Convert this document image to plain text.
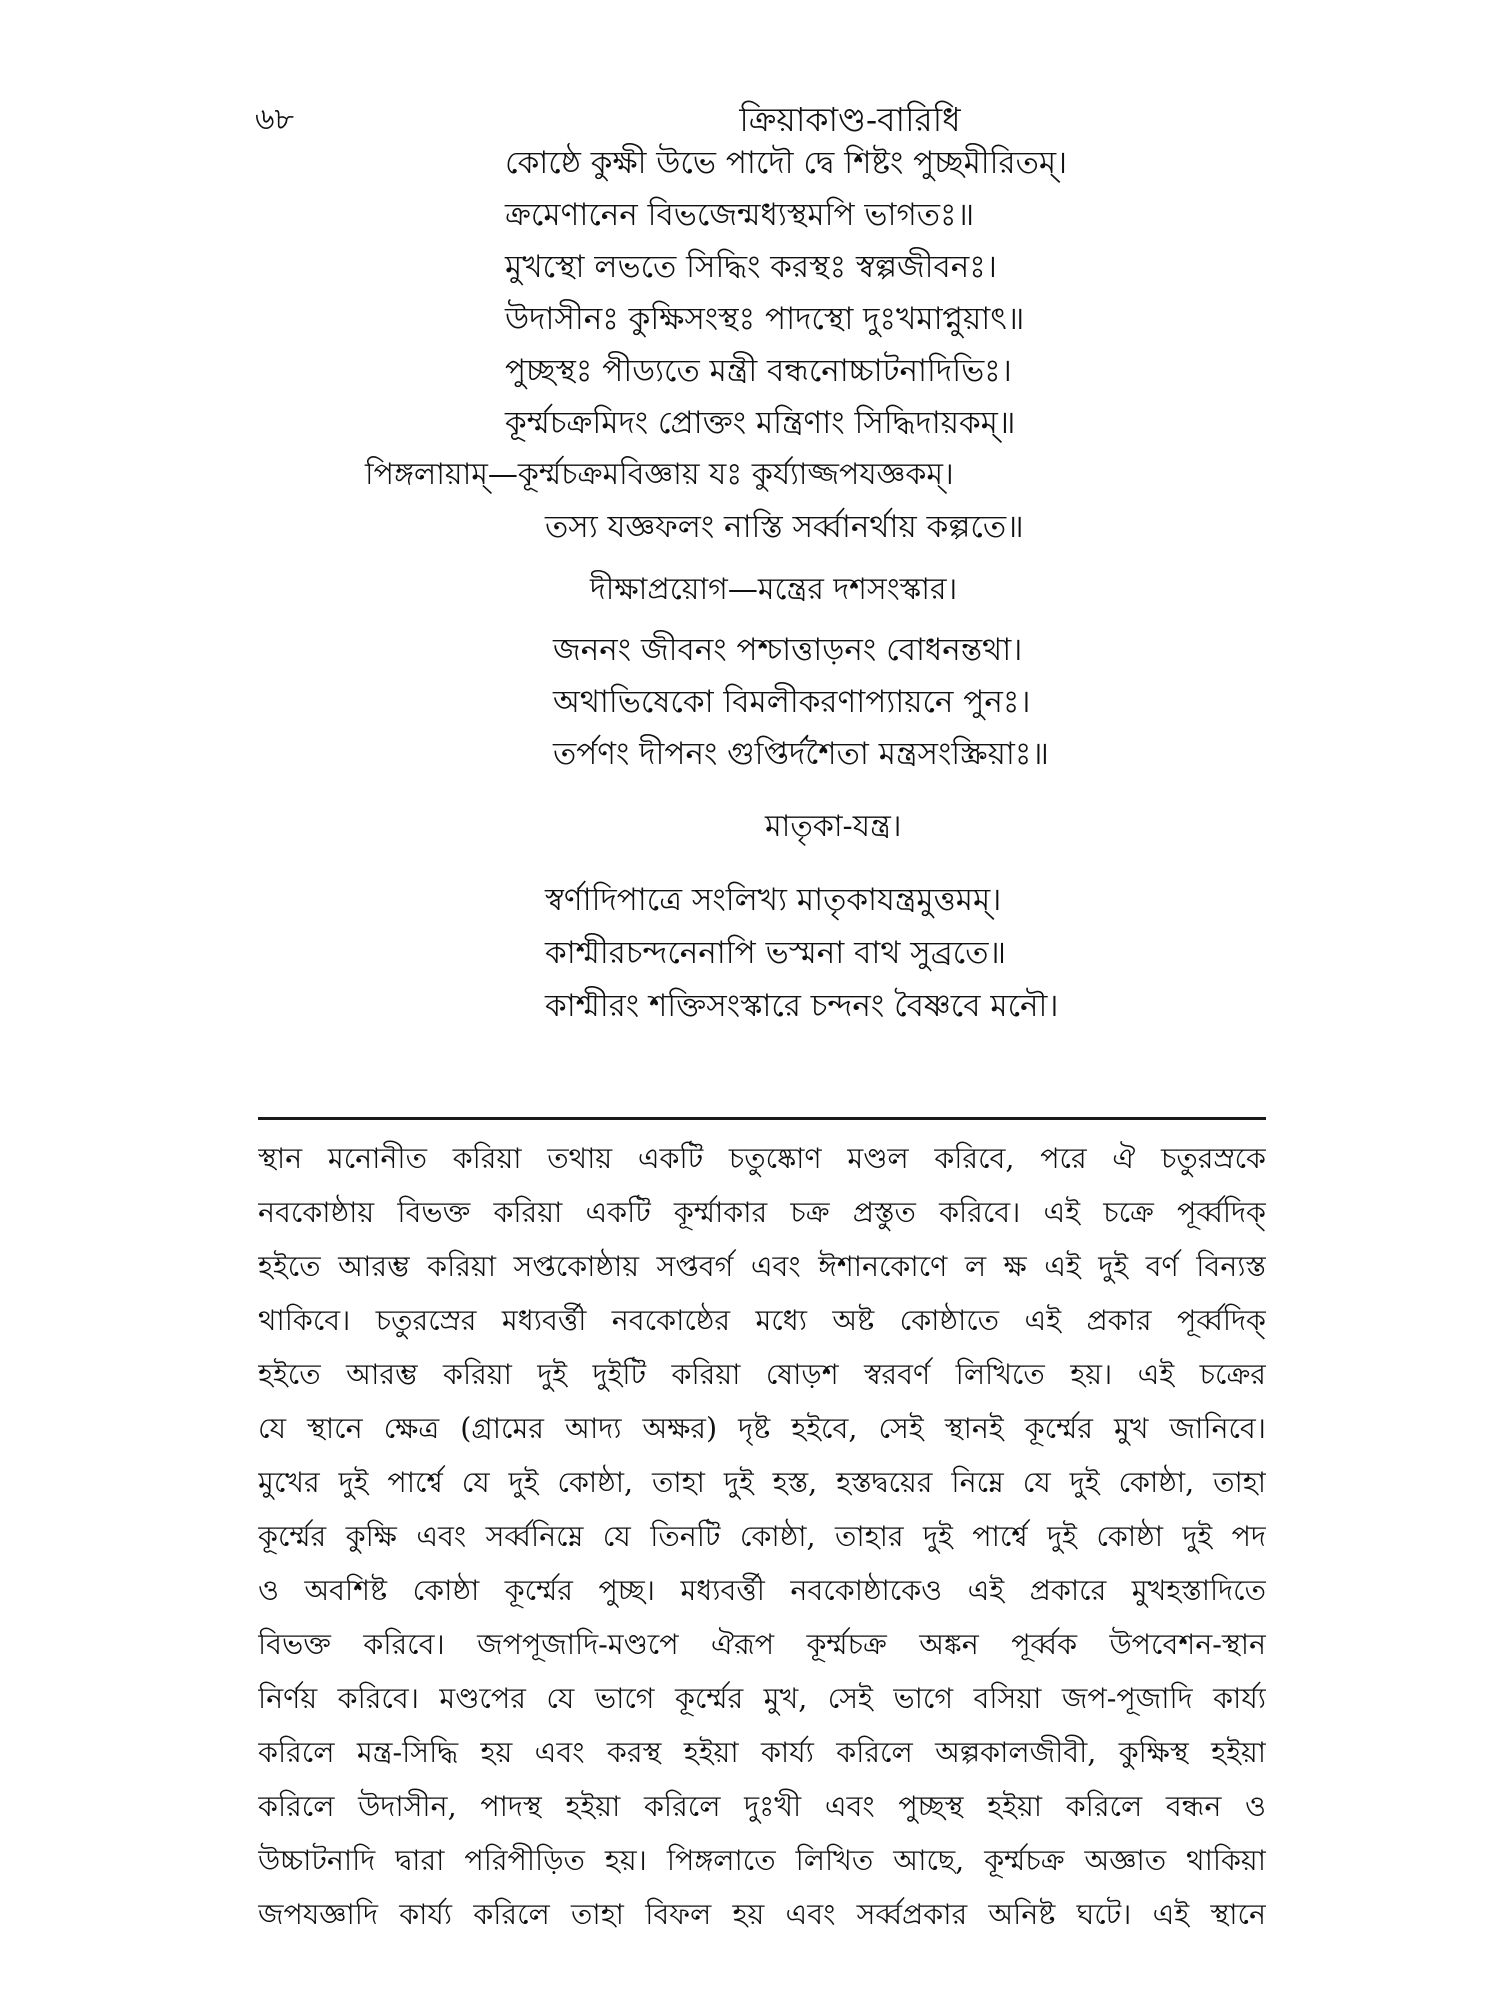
৬৮	ক্রিয়াকাণ্ড-বারিধি
কোষ্ঠে কুক্ষী উভে পাদৌ দ্বে শিষ্টং পুচ্ছমীরিতম্।
ক্রমেণানেন বিভজেন্মধ্যস্থমপি ভাগতঃ॥
মুখস্থো লভতে সিদ্ধিং করস্থঃ স্বল্পজীবনঃ।
উদাসীনঃ কুক্ষিসংস্থঃ পাদস্থো দুঃখমাপ্নুয়াৎ॥
পুচ্ছস্থঃ পীড্যতে মন্ত্রী বন্ধনোচ্চাটনাদিভিঃ।
কূর্ম্মচক্রমিদং প্রোক্তং মন্ত্রিণাং সিদ্ধিদায়কম্॥
পিঙ্গলায়াম্—কূর্ম্মচক্রমবিজ্ঞায় যঃ কুর্য্যাজ্জপযজ্ঞকম্।
তস্য যজ্ঞফলং নাস্তি সর্ব্বানর্থায় কল্পতে॥
দীক্ষাপ্রয়োগ—মন্ত্রের দশসংস্কার।
জননং জীবনং পশ্চাত্তাড়নং বোধনন্তথা।
অথাভিষেকো বিমলীকরণাপ্যায়নে পুনঃ।
তর্পণং দীপনং গুপ্তির্দশৈতা মন্ত্রসংস্ক্রিয়াঃ॥
মাতৃকা-যন্ত্র।
স্বর্ণাদিপাত্রে সংলিখ্য মাতৃকাযন্ত্রমুত্তমম্।
কাশ্মীরচন্দনেনাপি ভস্মনা বাথ সুব্রতে॥
কাশ্মীরং শক্তিসংস্কারে চন্দনং বৈষ্ণবে মনৌ।
স্থান মনোনীত করিয়া তথায় একটি চতুষ্কোণ মণ্ডল করিবে, পরে ঐ চতুরস্রকে
নবকোষ্ঠায় বিভক্ত করিয়া একটি কূর্ম্মাকার চক্র প্রস্তুত করিবে। এই চক্রে পূর্ব্বদিক্
হইতে আরম্ভ করিয়া সপ্তকোষ্ঠায় সপ্তবর্গ এবং ঈশানকোণে ল ক্ষ এই দুই বর্ণ বিন্যস্ত
থাকিবে। চতুরস্রের মধ্যবর্ত্তী নবকোষ্ঠের মধ্যে অষ্ট কোষ্ঠাতে এই প্রকার পূর্ব্বদিক্
হইতে আরম্ভ করিয়া দুই দুইটি করিয়া ষোড়শ স্বরবর্ণ লিখিতে হয়। এই চক্রের
যে স্থানে ক্ষেত্র (গ্রামের আদ্য অক্ষর) দৃষ্ট হইবে, সেই স্থানই কূর্ম্মের মুখ জানিবে।
মুখের দুই পার্শ্বে যে দুই কোষ্ঠা, তাহা দুই হস্ত, হস্তদ্বয়ের নিম্নে যে দুই কোষ্ঠা, তাহা
কূর্ম্মের কুক্ষি এবং সর্ব্বনিম্নে যে তিনটি কোষ্ঠা, তাহার দুই পার্শ্বে দুই কোষ্ঠা দুই পদ
ও অবশিষ্ট কোষ্ঠা কূর্ম্মের পুচ্ছ। মধ্যবর্ত্তী নবকোষ্ঠাকেও এই প্রকারে মুখহস্তাদিতে
বিভক্ত করিবে। জপপূজাদি-মণ্ডপে ঐরূপ কূর্ম্মচক্র অঙ্কন পূর্ব্বক উপবেশন-স্থান
নির্ণয় করিবে। মণ্ডপের যে ভাগে কূর্ম্মের মুখ, সেই ভাগে বসিয়া জপ-পূজাদি কার্য্য
করিলে মন্ত্র-সিদ্ধি হয় এবং করস্থ হইয়া কার্য্য করিলে অল্পকালজীবী, কুক্ষিস্থ হইয়া
করিলে উদাসীন, পাদস্থ হইয়া করিলে দুঃখী এবং পুচ্ছস্থ হইয়া করিলে বন্ধন ও
উচ্চাটনাদি দ্বারা পরিপীড়িত হয়। পিঙ্গলাতে লিখিত আছে, কূর্ম্মচক্র অজ্ঞাত থাকিয়া
জপযজ্ঞাদি কার্য্য করিলে তাহা বিফল হয় এবং সর্ব্বপ্রকার অনিষ্ট ঘটে। এই স্থানে
